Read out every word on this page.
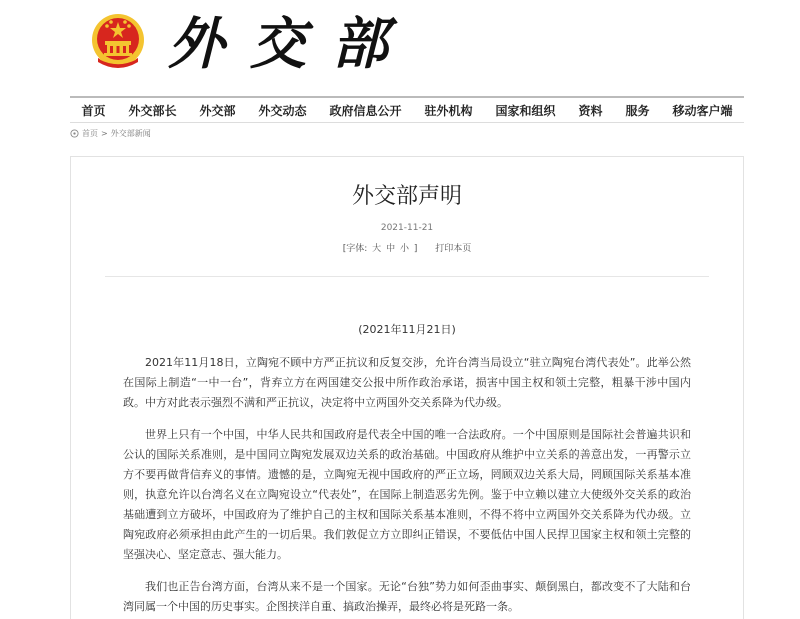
外交部
首页	外交部长	外交部	外交动态	政府信息公开	驻外机构	国家和组织	资料	服务	移动客户端
首页 > 外交部新闻
外交部声明
2021-11-21
[字体: 大 中 小 ] 打印本页
(2021年11月21日)

2021年11月18日，立陶宛不顾中方严正抗议和反复交涉，允许台湾当局设立“驻立陶宛台湾代表处”。此举公然在国际上制造“一中一台”，背弃立方在两国建交公报中所作政治承诺，损害中国主权和领土完整，粗暴干涉中国内政。中方对此表示强烈不满和严正抗议，决定将中立两国外交关系降为代办级。

世界上只有一个中国，中华人民共和国政府是代表全中国的唯一合法政府。一个中国原则是国际社会普遍共识和公认的国际关系准则，是中国同立陶宛发展双边关系的政治基础。中国政府从维护中立关系的善意出发，一再警示立方不要再做背信弃义的事情。遗憾的是，立陶宛无视中国政府的严正立场，罔顾双边关系大局，罔顾国际关系基本准则，执意允许以台湾名义在立陶宛设立“代表处”，在国际上制造恶劣先例。鉴于中立赖以建立大使级外交关系的政治基础遭到立方破坏，中国政府为了维护自己的主权和国际关系基本准则，不得不将中立两国外交关系降为代办级。立陶宛政府必须承担由此产生的一切后果。我们敦促立方立即纠正错误，不要低估中国人民捍卫国家主权和领土完整的坚强决心、坚定意志、强大能力。

我们也正告台湾方面，台湾从来不是一个国家。无论“台独”势力如何歪曲事实、颠倒黑白，都改变不了大陆和台湾同属一个中国的历史事实。企图挟洋自重、搞政治操弄，最终必将是死路一条。
